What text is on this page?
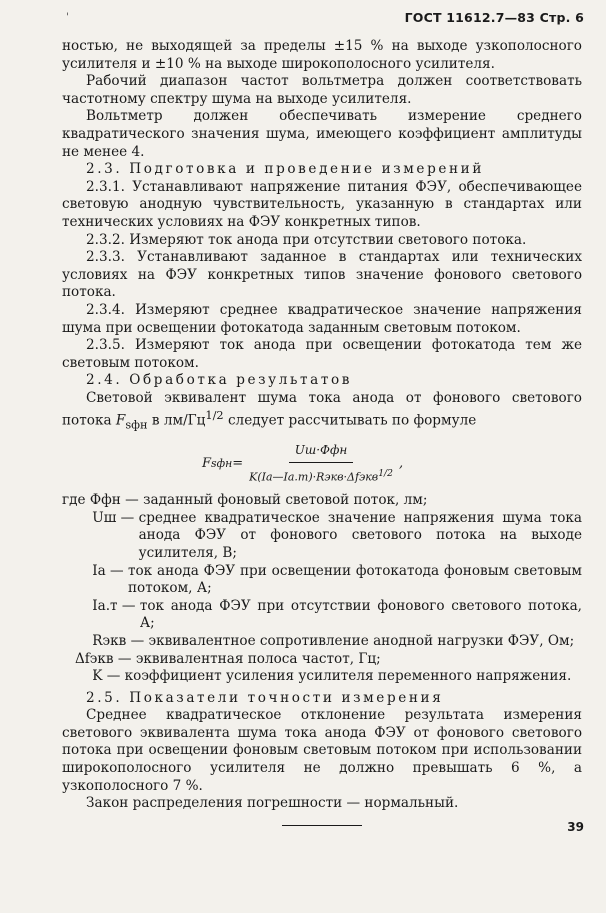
'	ГОСТ 11612.7—83 Стр. 6

ностью, не выходящей за пределы ±15 % на выходе узкополосного усилителя и ±10 % на выходе широкополосного усилителя.

Рабочий диапазон частот вольтметра должен соответствовать частотному спектру шума на выходе усилителя.

Вольтметр должен обеспечивать измерение среднего квадратического значения шума, имеющего коэффициент амплитуды не менее 4.

2.3. Подготовка и проведение измерений

2.3.1. Устанавливают напряжение питания ФЭУ, обеспечивающее световую анодную чувствительность, указанную в стандартах или технических условиях на ФЭУ конкретных типов.

2.3.2. Измеряют ток анода при отсутствии светового потока.

2.3.3. Устанавливают заданное в стандартах или технических условиях на ФЭУ конкретных типов значение фонового светового потока.

2.3.4. Измеряют среднее квадратическое значение напряжения шума при освещении фотокатода заданным световым потоком.

2.3.5. Измеряют ток анода при освещении фотокатода тем же световым потоком.

2.4. Обработка результатов

Световой эквивалент шума тока анода от фонового светового потока $F_{sфн}$ в $лм/Гц^{1/2}$ следует рассчитывать по формуле

F sфн = $\frac{\text{Uш·Ффн}}{K(Iа—Iа.т)\cdot Rэкв\cdot\Delta fэкв^{1/2}}$ ,
где Ффн — заданный фоновый световой поток, лм;
Uш — среднее квадратическое значение напряжения шума тока анода ФЭУ от фонового светового потока на выходе усилителя, В;
Iа — ток анода ФЭУ при освещении фотокатода фоновым световым потоком, А;
Iа.т — ток анода ФЭУ при отсутствии фонового светового потока, А;
Rэкв — эквивалентное сопротивление анодной нагрузки ФЭУ, Ом;
Δfэкв — эквивалентная полоса частот, Гц;
K — коэффициент усиления усилителя переменного напряжения.

2.5. Показатели точности измерения

Среднее квадратическое отклонение результата измерения светового эквивалента шума тока анода ФЭУ от фонового светового потока при освещении фоновым световым потоком при использовании широкополосного усилителя не должно превышать 6 %, а узкополосного 7 %.

Закон распределения погрешности — нормальный.

39
